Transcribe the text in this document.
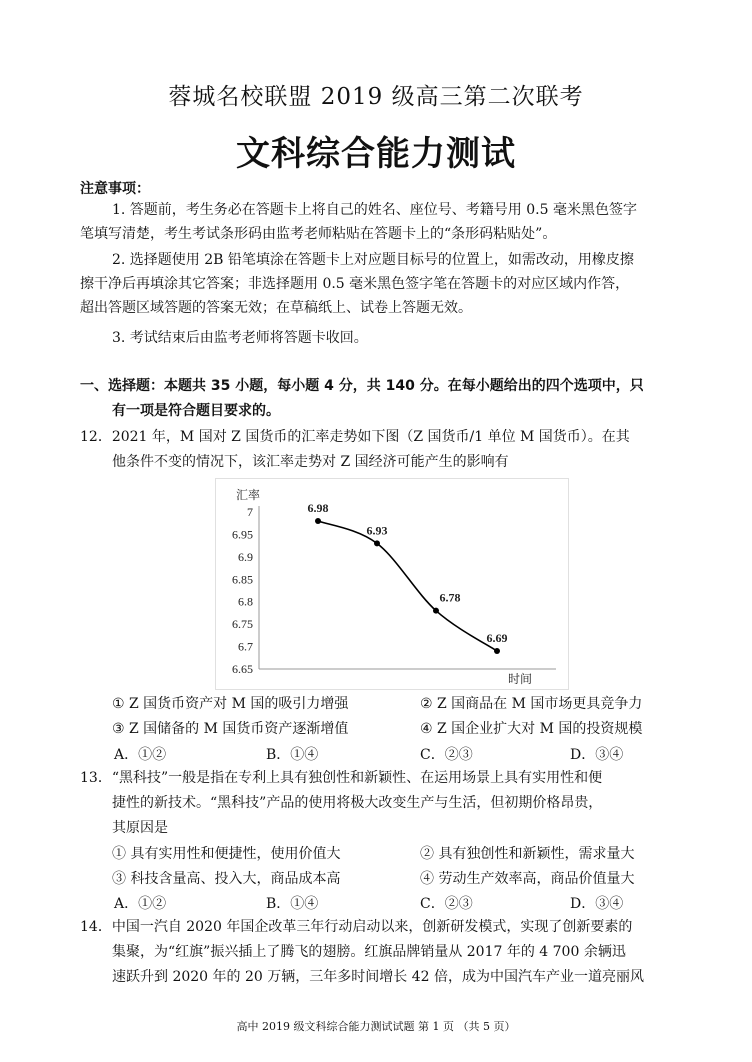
蓉城名校联盟 2019 级高三第二次联考
文科综合能力测试
注意事项：
1. 答题前，考生务必在答题卡上将自己的姓名、座位号、考籍号用 0.5 毫米黑色签字
笔填写清楚，考生考试条形码由监考老师粘贴在答题卡上的“条形码粘贴处”。
2. 选择题使用 2B 铅笔填涂在答题卡上对应题目标号的位置上，如需改动，用橡皮擦
擦干净后再填涂其它答案；非选择题用 0.5 毫米黑色签字笔在答题卡的对应区域内作答，
超出答题区域答题的答案无效；在草稿纸上、试卷上答题无效。
3. 考试结束后由监考老师将答题卡收回。
一、选择题：本题共 35 小题，每小题 4 分，共 140 分。在每小题给出的四个选项中，只
有一项是符合题目要求的。
12．2021 年，M 国对 Z 国货币的汇率走势如下图（Z 国货币/1 单位 M 国货币）。在其
他条件不变的情况下，该汇率走势对 Z 国经济可能产生的影响有
7
6.95
6.9
6.85
6.8
6.75
6.7
6.65
汇率
时间
6.98
6.93
6.78
6.69
① Z 国货币资产对 M 国的吸引力增强	② Z 国商品在 M 国市场更具竞争力
③ Z 国储备的 M 国货币资产逐渐增值	④ Z 国企业扩大对 M 国的投资规模
A．①②	B．①④	C．②③	D．③④
13．“黑科技”一般是指在专利上具有独创性和新颖性、在运用场景上具有实用性和便
捷性的新技术。“黑科技”产品的使用将极大改变生产与生活，但初期价格昂贵，
其原因是
① 具有实用性和便捷性，使用价值大	② 具有独创性和新颖性，需求量大
③ 科技含量高、投入大，商品成本高	④ 劳动生产效率高，商品价值量大
A．①②	B．①④	C．②③	D．③④
14．中国一汽自 2020 年国企改革三年行动启动以来，创新研发模式，实现了创新要素的
集聚，为“红旗”振兴插上了腾飞的翅膀。红旗品牌销量从 2017 年的 4 700 余辆迅
速跃升到 2020 年的 20 万辆，三年多时间增长 42 倍，成为中国汽车产业一道亮丽风
高中 2019 级文科综合能力测试试题 第 1 页 （共 5 页）
